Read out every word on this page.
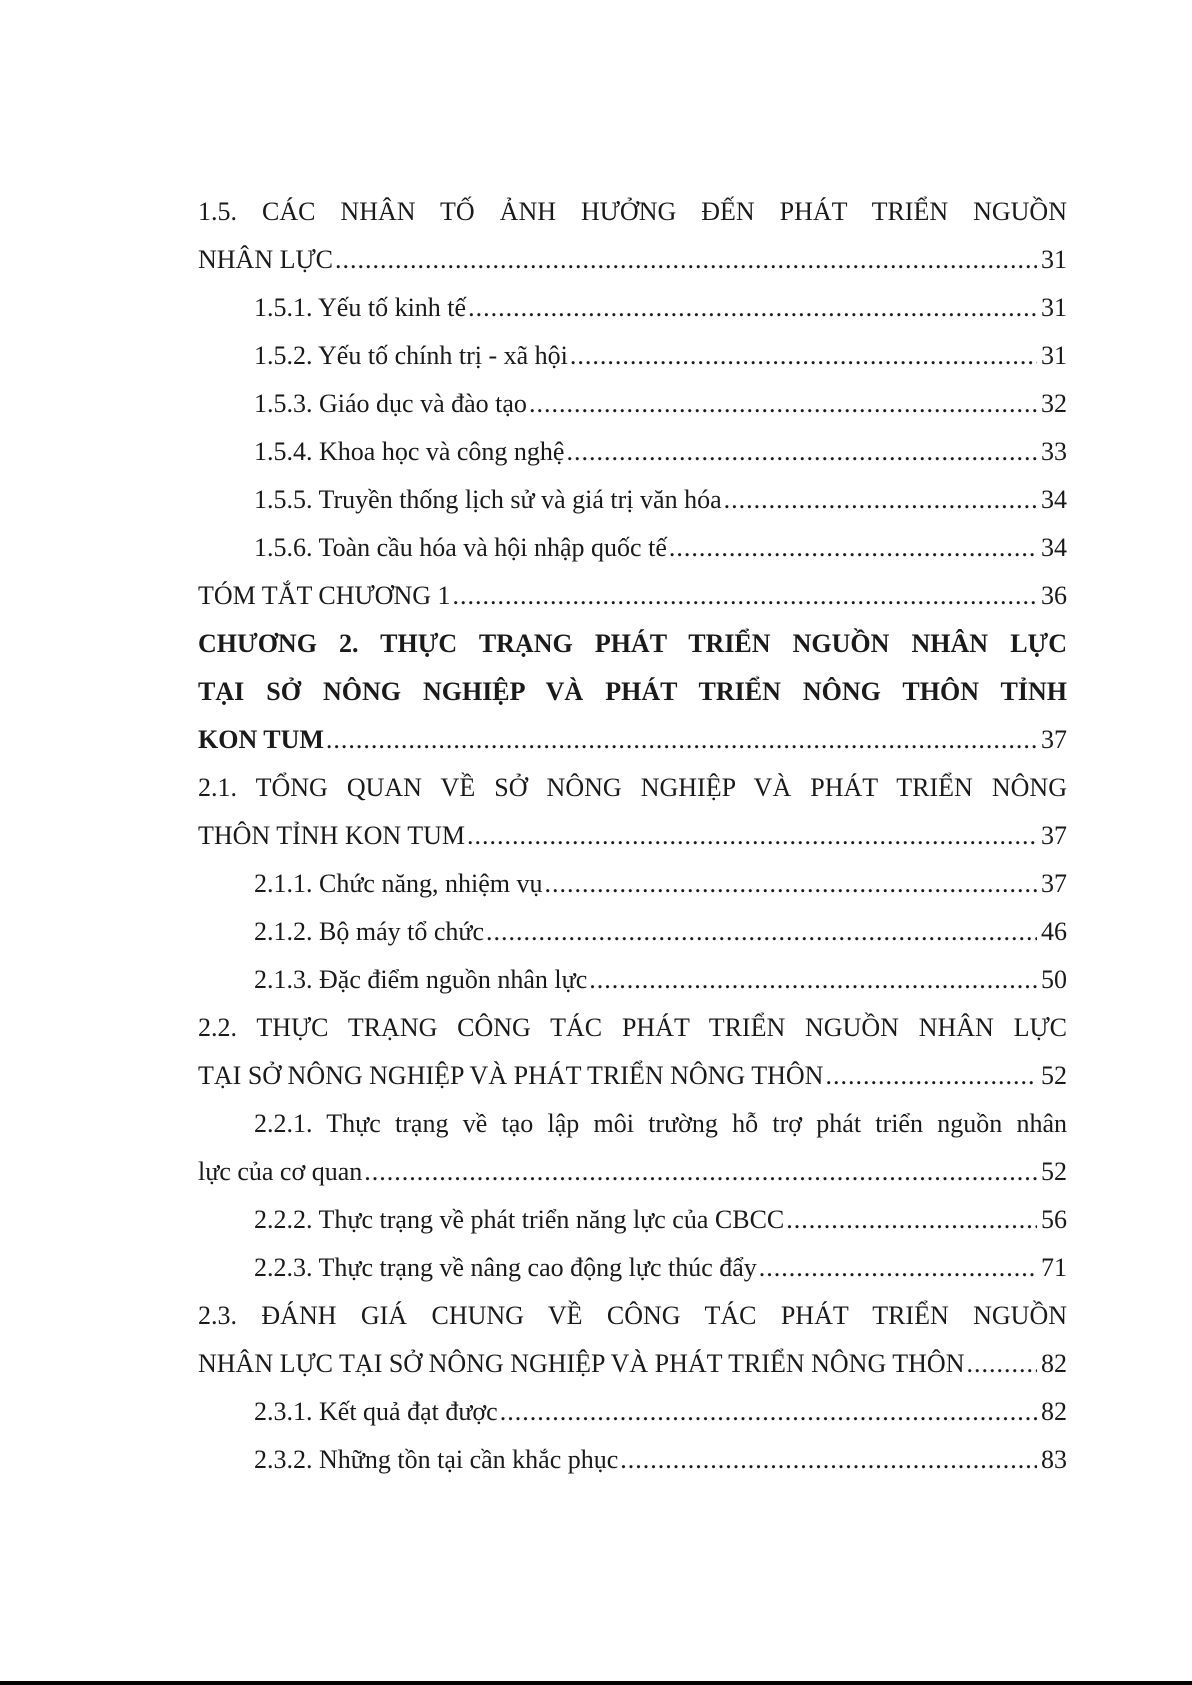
1.5. CÁC NHÂN TỐ ẢNH HƯỞNG ĐẾN PHÁT TRIỂN NGUỒN
NHÂN LỰC .....	31
1.5.1. Yếu tố kinh tế .....	31
1.5.2. Yếu tố chính trị - xã hội .....	31
1.5.3. Giáo dục và đào tạo .....	32
1.5.4. Khoa học và công nghệ .....	33
1.5.5. Truyền thống lịch sử và giá trị văn hóa .....	34
1.5.6. Toàn cầu hóa và hội nhập quốc tế .....	34
TÓM TẮT CHƯƠNG 1 .....	36
CHƯƠNG 2. THỰC TRẠNG PHÁT TRIỂN NGUỒN NHÂN LỰC
TẠI SỞ NÔNG NGHIỆP VÀ PHÁT TRIỂN NÔNG THÔN TỈNH
KON TUM .....	37
2.1. TỔNG QUAN VỀ SỞ NÔNG NGHIỆP VÀ PHÁT TRIỂN NÔNG
THÔN TỈNH KON TUM .....	37
2.1.1. Chức năng, nhiệm vụ .....	37
2.1.2. Bộ máy tổ chức .....	46
2.1.3. Đặc điểm nguồn nhân lực .....	50
2.2. THỰC TRẠNG CÔNG TÁC PHÁT TRIỂN NGUỒN NHÂN LỰC
TẠI SỞ NÔNG NGHIỆP VÀ PHÁT TRIỂN NÔNG THÔN .....	52
2.2.1. Thực trạng về tạo lập môi trường hỗ trợ phát triển nguồn nhân
lực của cơ quan .....	52
2.2.2. Thực trạng về phát triển năng lực của CBCC .....	56
2.2.3. Thực trạng về nâng cao động lực thúc đẩy .....	71
2.3. ĐÁNH GIÁ CHUNG VỀ CÔNG TÁC PHÁT TRIỂN NGUỒN
NHÂN LỰC TẠI SỞ NÔNG NGHIỆP VÀ PHÁT TRIỂN NÔNG THÔN .....	82
2.3.1. Kết quả đạt được .....	82
2.3.2. Những tồn tại cần khắc phục .....	83
